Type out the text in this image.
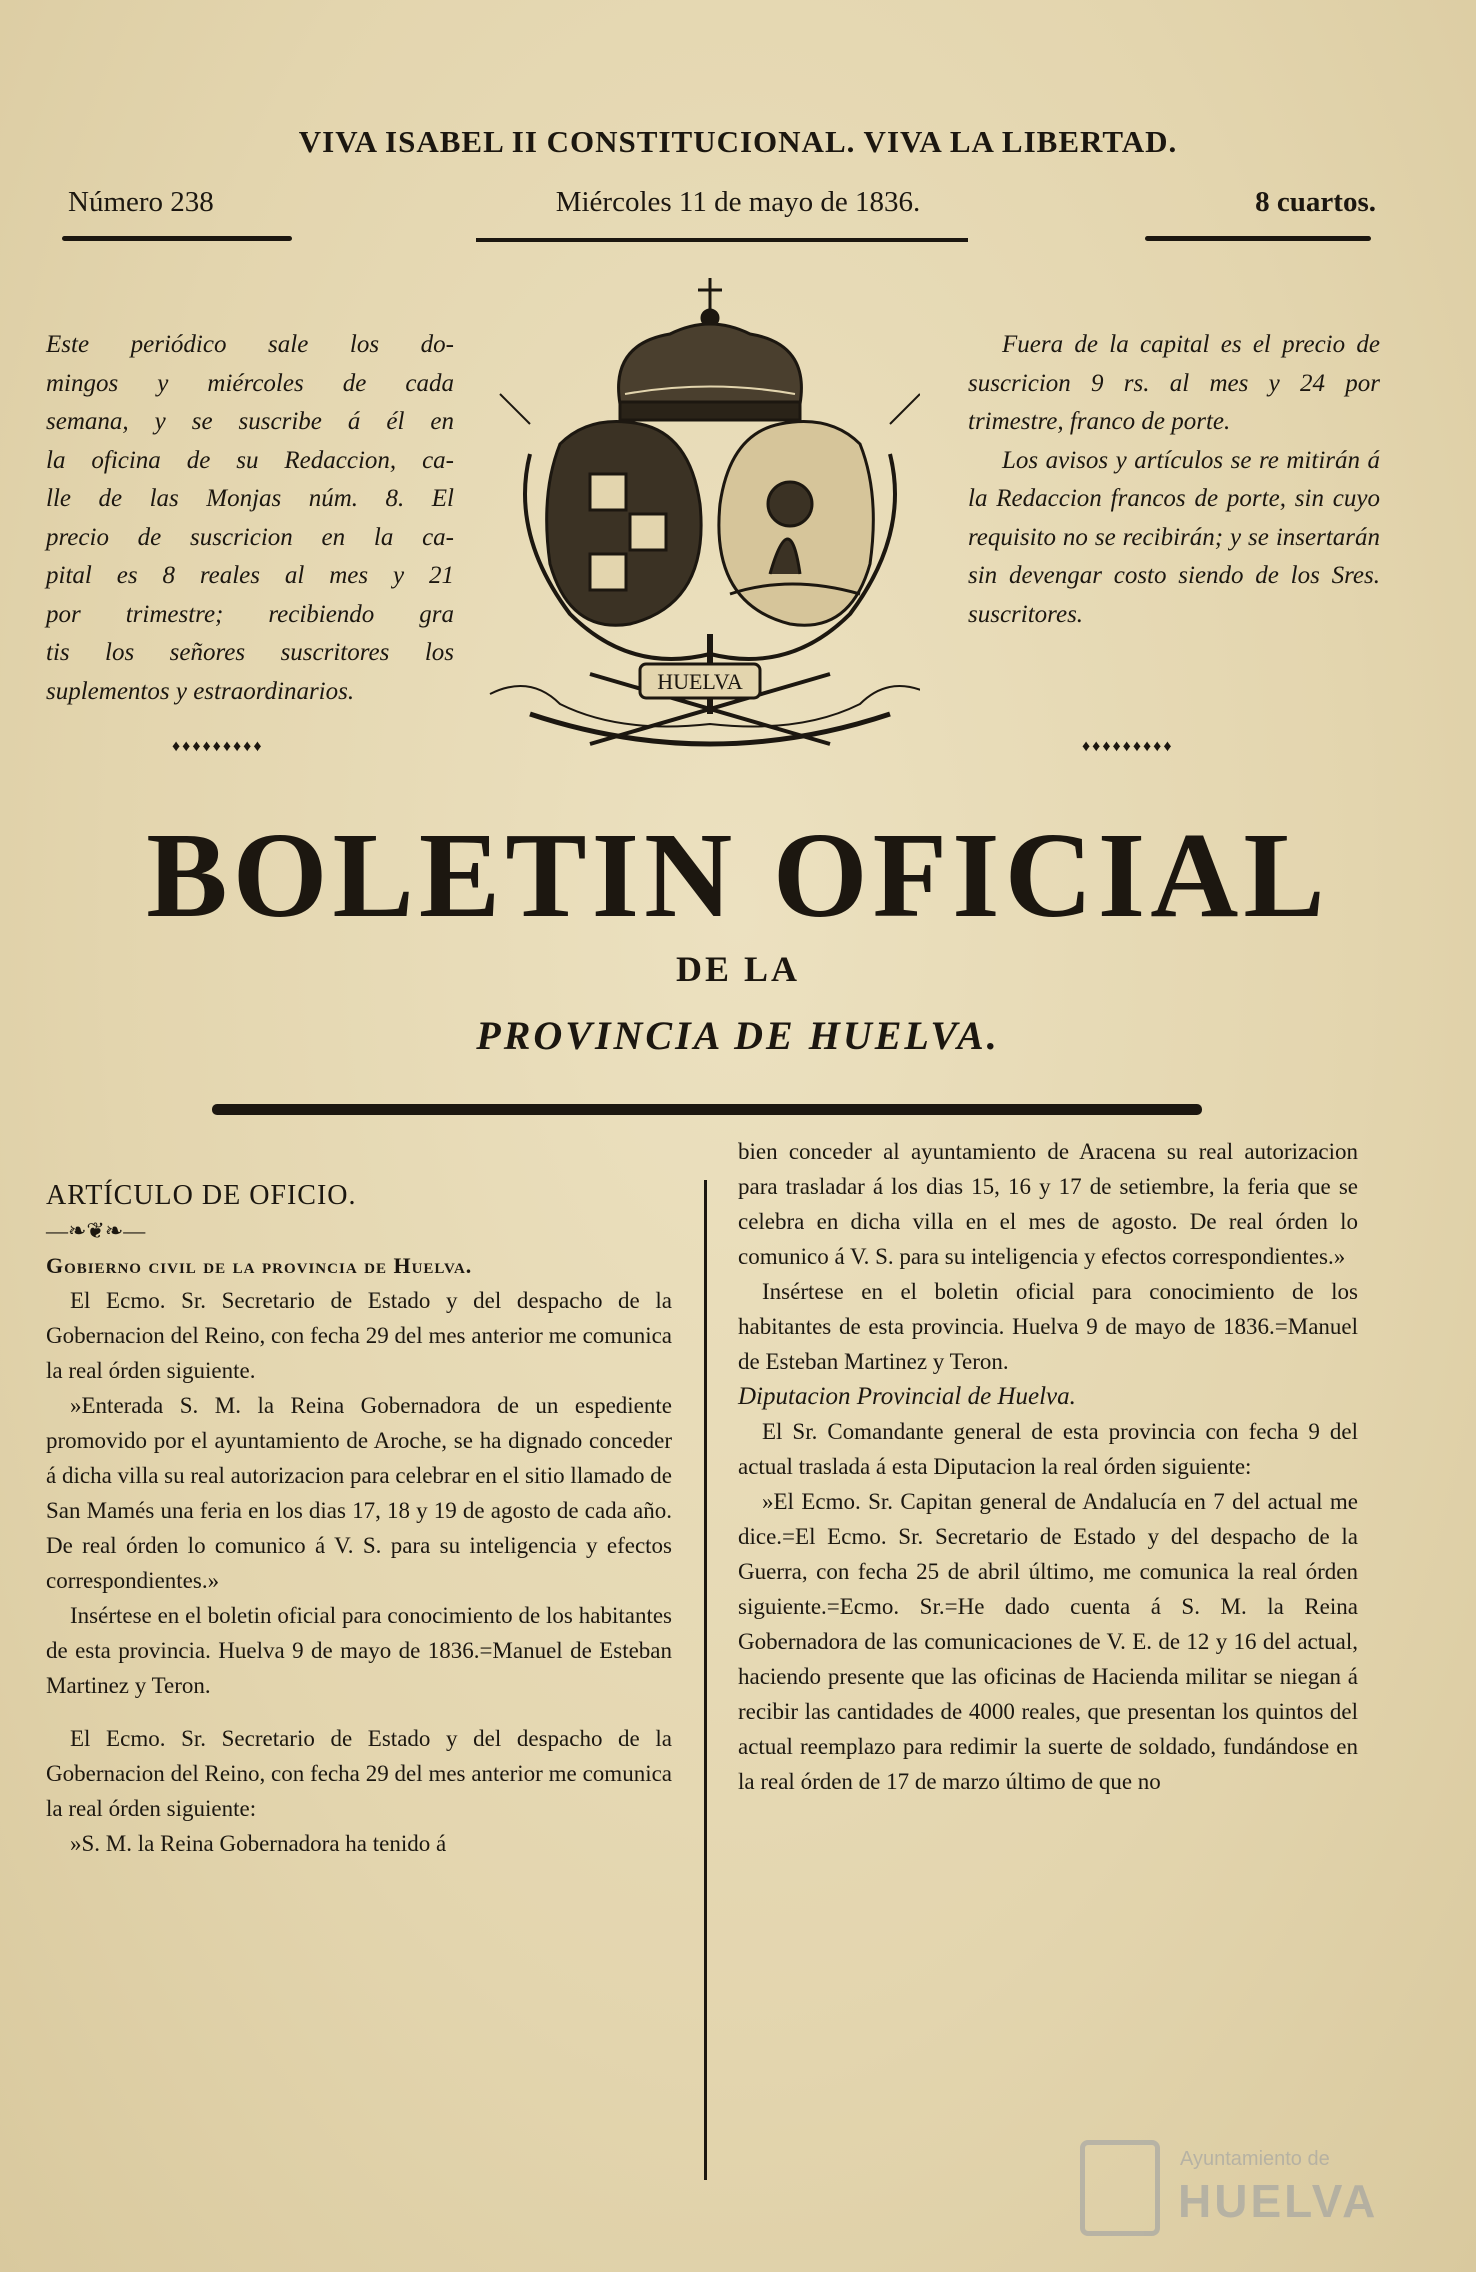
VIVA ISABEL II CONSTITUCIONAL. VIVA LA LIBERTAD.
Número 238	Miércoles 11 de mayo de 1836.	8 cuartos.

Este periódico sale los do-

mingos y miércoles de cada

semana, y se suscribe á él en

la oficina de su Redaccion, ca-

lle de las Monjas núm. 8. El

precio de suscricion en la ca-

pital es 8 reales al mes y 21

por trimestre; recibiendo gra

tis los señores suscritores los

suplementos y estraordinarios.

Fuera de la capital es el precio de suscricion 9 rs. al mes y 24 por trimestre, franco de porte.

Los avisos y artículos se re mitirán á la Redaccion francos de porte, sin cuyo requisito no se recibirán; y se insertarán sin devengar costo siendo de los Sres. suscritores.

♦♦♦♦♦♦♦♦♦	♦♦♦♦♦♦♦♦♦
HUELVA
BOLETIN OFICIAL
DE LA
PROVINCIA DE HUELVA.

ARTÍCULO DE OFICIO.

—❧❦❧—

Gobierno civil de la provincia de Huelva.

El Ecmo. Sr. Secretario de Estado y del despacho de la Gobernacion del Reino, con fecha 29 del mes anterior me comunica la real órden siguiente.

»Enterada S. M. la Reina Gobernadora de un espediente promovido por el ayuntamiento de Aroche, se ha dignado conceder á dicha villa su real autorizacion para celebrar en el sitio llamado de San Mamés una feria en los dias 17, 18 y 19 de agosto de cada año. De real órden lo comunico á V. S. para su inteligencia y efectos correspondientes.»

Insértese en el boletin oficial para conocimiento de los habitantes de esta provincia. Huelva 9 de mayo de 1836.=Manuel de Esteban Martinez y Teron.

El Ecmo. Sr. Secretario de Estado y del despacho de la Gobernacion del Reino, con fecha 29 del mes anterior me comunica la real órden siguiente:

»S. M. la Reina Gobernadora ha tenido á

bien conceder al ayuntamiento de Aracena su real autorizacion para trasladar á los dias 15, 16 y 17 de setiembre, la feria que se celebra en dicha villa en el mes de agosto. De real órden lo comunico á V. S. para su inteligencia y efectos correspondientes.»

Insértese en el boletin oficial para conocimiento de los habitantes de esta provincia. Huelva 9 de mayo de 1836.=Manuel de Esteban Martinez y Teron.

Diputacion Provincial de Huelva.

El Sr. Comandante general de esta provincia con fecha 9 del actual traslada á esta Diputacion la real órden siguiente:

»El Ecmo. Sr. Capitan general de Andalucía en 7 del actual me dice.=El Ecmo. Sr. Secretario de Estado y del despacho de la Guerra, con fecha 25 de abril último, me comunica la real órden siguiente.=Ecmo. Sr.=He dado cuenta á S. M. la Reina Gobernadora de las comunicaciones de V. E. de 12 y 16 del actual, haciendo presente que las oficinas de Hacienda militar se niegan á recibir las cantidades de 4000 reales, que presentan los quintos del actual reemplazo para redimir la suerte de soldado, fundándose en la real órden de 17 de marzo último de que no

Ayuntamiento de
HUELVA
